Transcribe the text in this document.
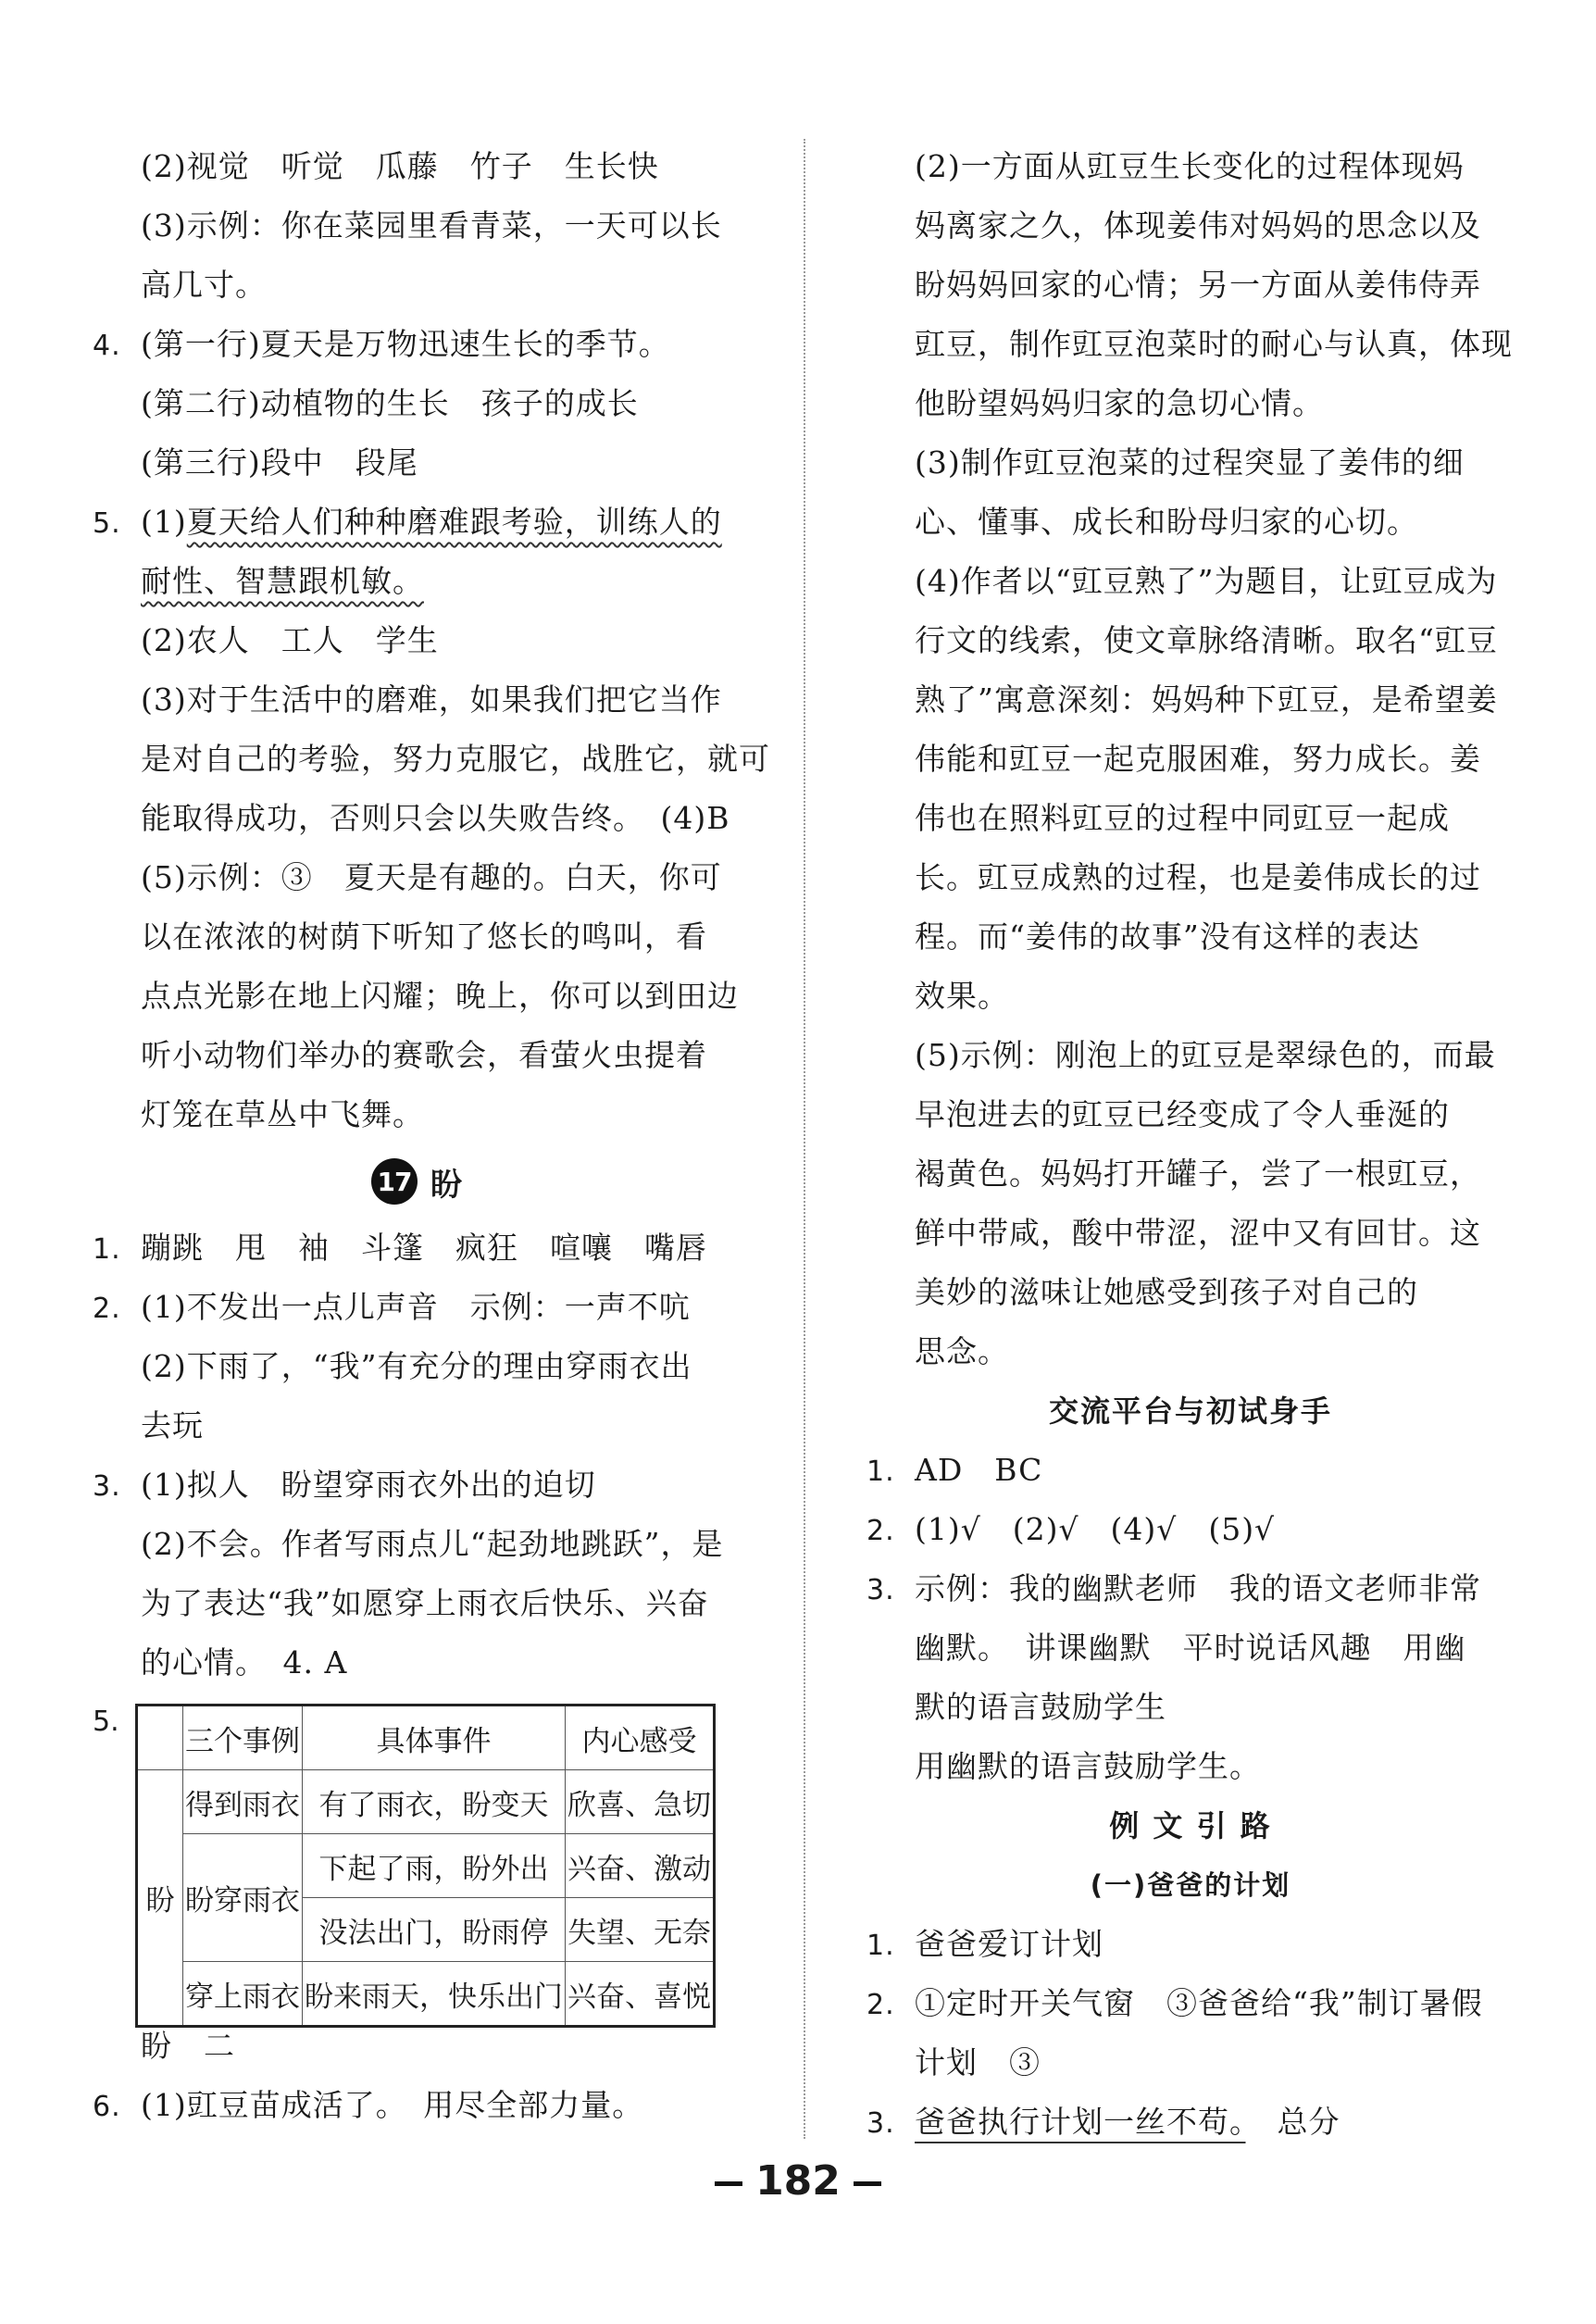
(2)视觉　听觉　瓜藤　竹子　生长快
(3)示例：你在菜园里看青菜，一天可以长
高几寸。
4. (第一行)夏天是万物迅速生长的季节。
(第二行)动植物的生长　孩子的成长
(第三行)段中　段尾
5. (1)夏天给人们种种磨难跟考验，训练人的
耐性、智慧跟机敏。
(2)农人　工人　学生
(3)对于生活中的磨难，如果我们把它当作
是对自己的考验，努力克服它，战胜它，就可
能取得成功，否则只会以失败告终。　(4)B
(5)示例：③　夏天是有趣的。白天，你可
以在浓浓的树荫下听知了悠长的鸣叫，看
点点光影在地上闪耀；晚上，你可以到田边
听小动物们举办的赛歌会，看萤火虫提着
灯笼在草丛中飞舞。
17 盼
1. 蹦跳　甩　袖　斗篷　疯狂　喧嚷　嘴唇
2. (1)不发出一点儿声音　示例：一声不吭
(2)下雨了，“我”有充分的理由穿雨衣出
去玩
3. (1)拟人　盼望穿雨衣外出的迫切
(2)不会。作者写雨点儿“起劲地跳跃”，是
为了表达“我”如愿穿上雨衣后快乐、兴奋
的心情。　4. A
5.
	三个事例	具体事件	内心感受
盼	得到雨衣	有了雨衣，盼变天	欣喜、急切
	盼穿雨衣	下起了雨，盼外出	兴奋、激动
		没法出门，盼雨停	失望、无奈
	穿上雨衣	盼来雨天，快乐出门	兴奋、喜悦
盼　二
6. (1)豇豆苗成活了。　用尽全部力量。
(2)一方面从豇豆生长变化的过程体现妈
妈离家之久，体现姜伟对妈妈的思念以及
盼妈妈回家的心情；另一方面从姜伟侍弄
豇豆，制作豇豆泡菜时的耐心与认真，体现
他盼望妈妈归家的急切心情。
(3)制作豇豆泡菜的过程突显了姜伟的细
心、懂事、成长和盼母归家的心切。
(4)作者以“豇豆熟了”为题目，让豇豆成为
行文的线索，使文章脉络清晰。取名“豇豆
熟了”寓意深刻：妈妈种下豇豆，是希望姜
伟能和豇豆一起克服困难，努力成长。姜
伟也在照料豇豆的过程中同豇豆一起成
长。豇豆成熟的过程，也是姜伟成长的过
程。而“姜伟的故事”没有这样的表达
效果。
(5)示例：刚泡上的豇豆是翠绿色的，而最
早泡进去的豇豆已经变成了令人垂涎的
褐黄色。妈妈打开罐子，尝了一根豇豆，
鲜中带咸，酸中带涩，涩中又有回甘。这
美妙的滋味让她感受到孩子对自己的
思念。
交流平台与初试身手
1. AD　BC
2. (1)√　(2)√　(4)√　(5)√
3. 示例：我的幽默老师　我的语文老师非常
幽默。　讲课幽默　平时说话风趣　用幽
默的语言鼓励学生
用幽默的语言鼓励学生。
例 文 引 路
(一)爸爸的计划
1. 爸爸爱订计划
2. ①定时开关气窗　③爸爸给“我”制订暑假
计划　③
3. 爸爸执行计划一丝不苟。　总分
182
